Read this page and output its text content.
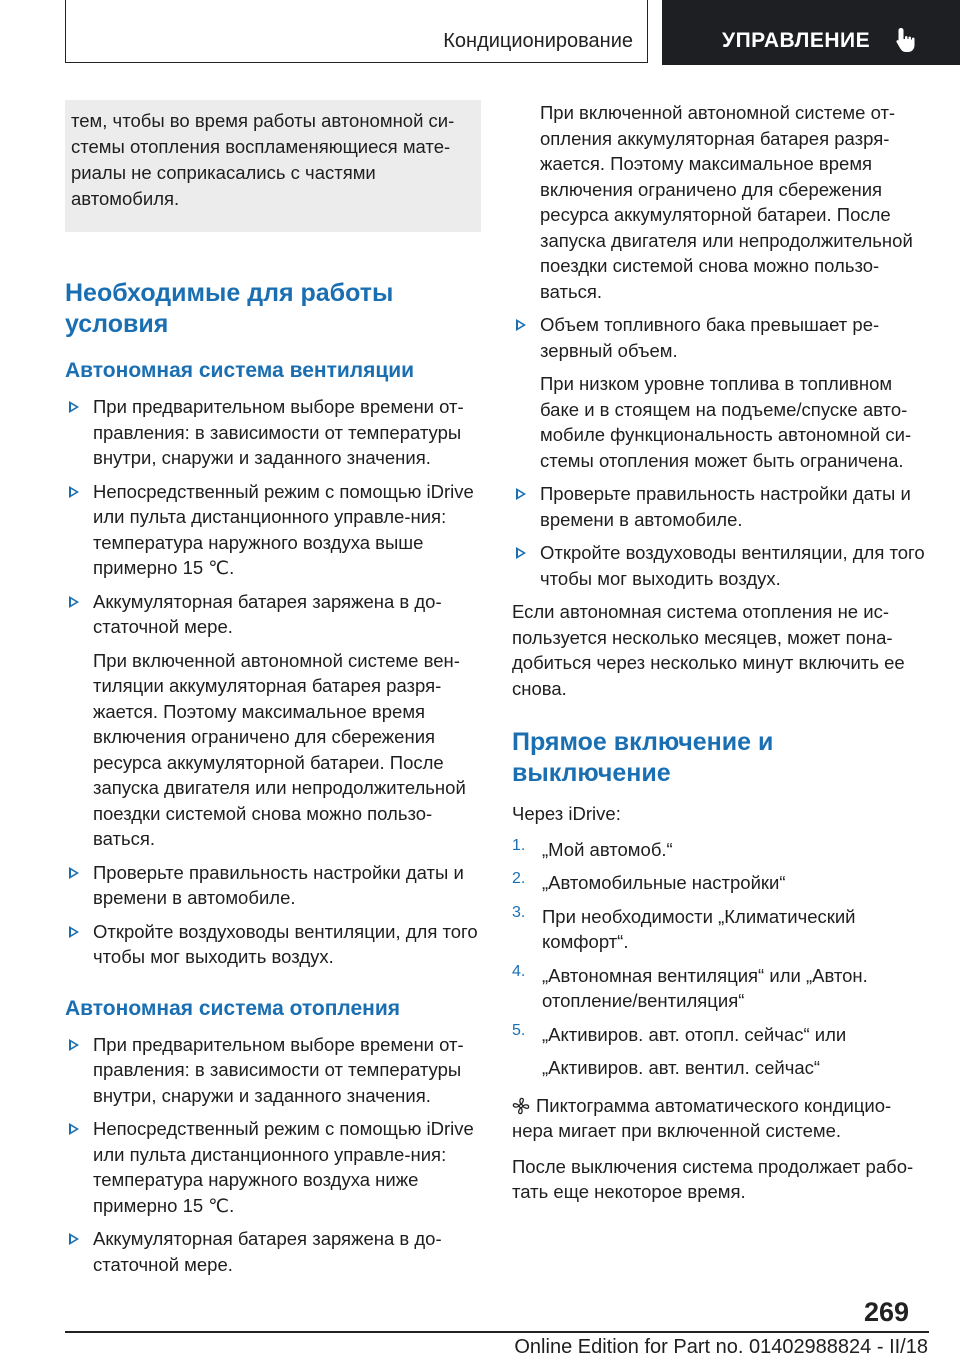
Кондиционирование	УПРАВЛЕНИЕ
тем, чтобы во время работы автономной си-стемы отопления воспламеняющиеся мате-риалы не соприкасались с частями автомобиля.
Необходимые для работы условия
Автономная система вентиляции

При предварительном выборе времени от-правления: в зависимости от температуры внутри, снаружи и заданного значения.

Непосредственный режим с помощью iDrive или пульта дистанционного управле-ния: температура наружного воздуха выше примерно 15 ℃.

Аккумуляторная батарея заряжена в до-статочной мере.

При включенной автономной системе вен-тиляции аккумуляторная батарея разря-жается. Поэтому максимальное время включения ограничено для сбережения ресурса аккумуляторной батареи. После запуска двигателя или непродолжительной поездки системой снова можно пользо-ваться.

Проверьте правильность настройки даты и времени в автомобиле.

Откройте воздуховоды вентиляции, для того чтобы мог выходить воздух.

Автономная система отопления

При предварительном выборе времени от-правления: в зависимости от температуры внутри, снаружи и заданного значения.

Непосредственный режим с помощью iDrive или пульта дистанционного управле-ния: температура наружного воздуха ниже примерно 15 ℃.

Аккумуляторная батарея заряжена в до-статочной мере.

При включенной автономной системе от-опления аккумуляторная батарея разря-жается. Поэтому максимальное время включения ограничено для сбережения ресурса аккумуляторной батареи. После запуска двигателя или непродолжительной поездки системой снова можно пользо-ваться.

Объем топливного бака превышает ре-зервный объем.

При низком уровне топлива в топливном баке и в стоящем на подъеме/спуске авто-мобиле функциональность автономной си-стемы отопления может быть ограничена.

Проверьте правильность настройки даты и времени в автомобиле.

Откройте воздуховоды вентиляции, для того чтобы мог выходить воздух.

Если автономная система отопления не ис-пользуется несколько месяцев, может пона-добиться через несколько минут включить ее снова.

Прямое включение и выключение

Через iDrive:

1. „Мой автомоб.“

2. „Автомобильные настройки“

3. При необходимости „Климатический комфорт“.

4. „Автономная вентиляция“ или „Автон. отопление/вентиляция“

5. „Активиров. авт. отопл. сейчас“ или

„Активиров. авт. вентил. сейчас“

Пиктограмма автоматического кондицио-нера мигает при включенной системе.

После выключения система продолжает рабо-тать еще некоторое время.

269
Online Edition for Part no. 01402988824 - II/18
